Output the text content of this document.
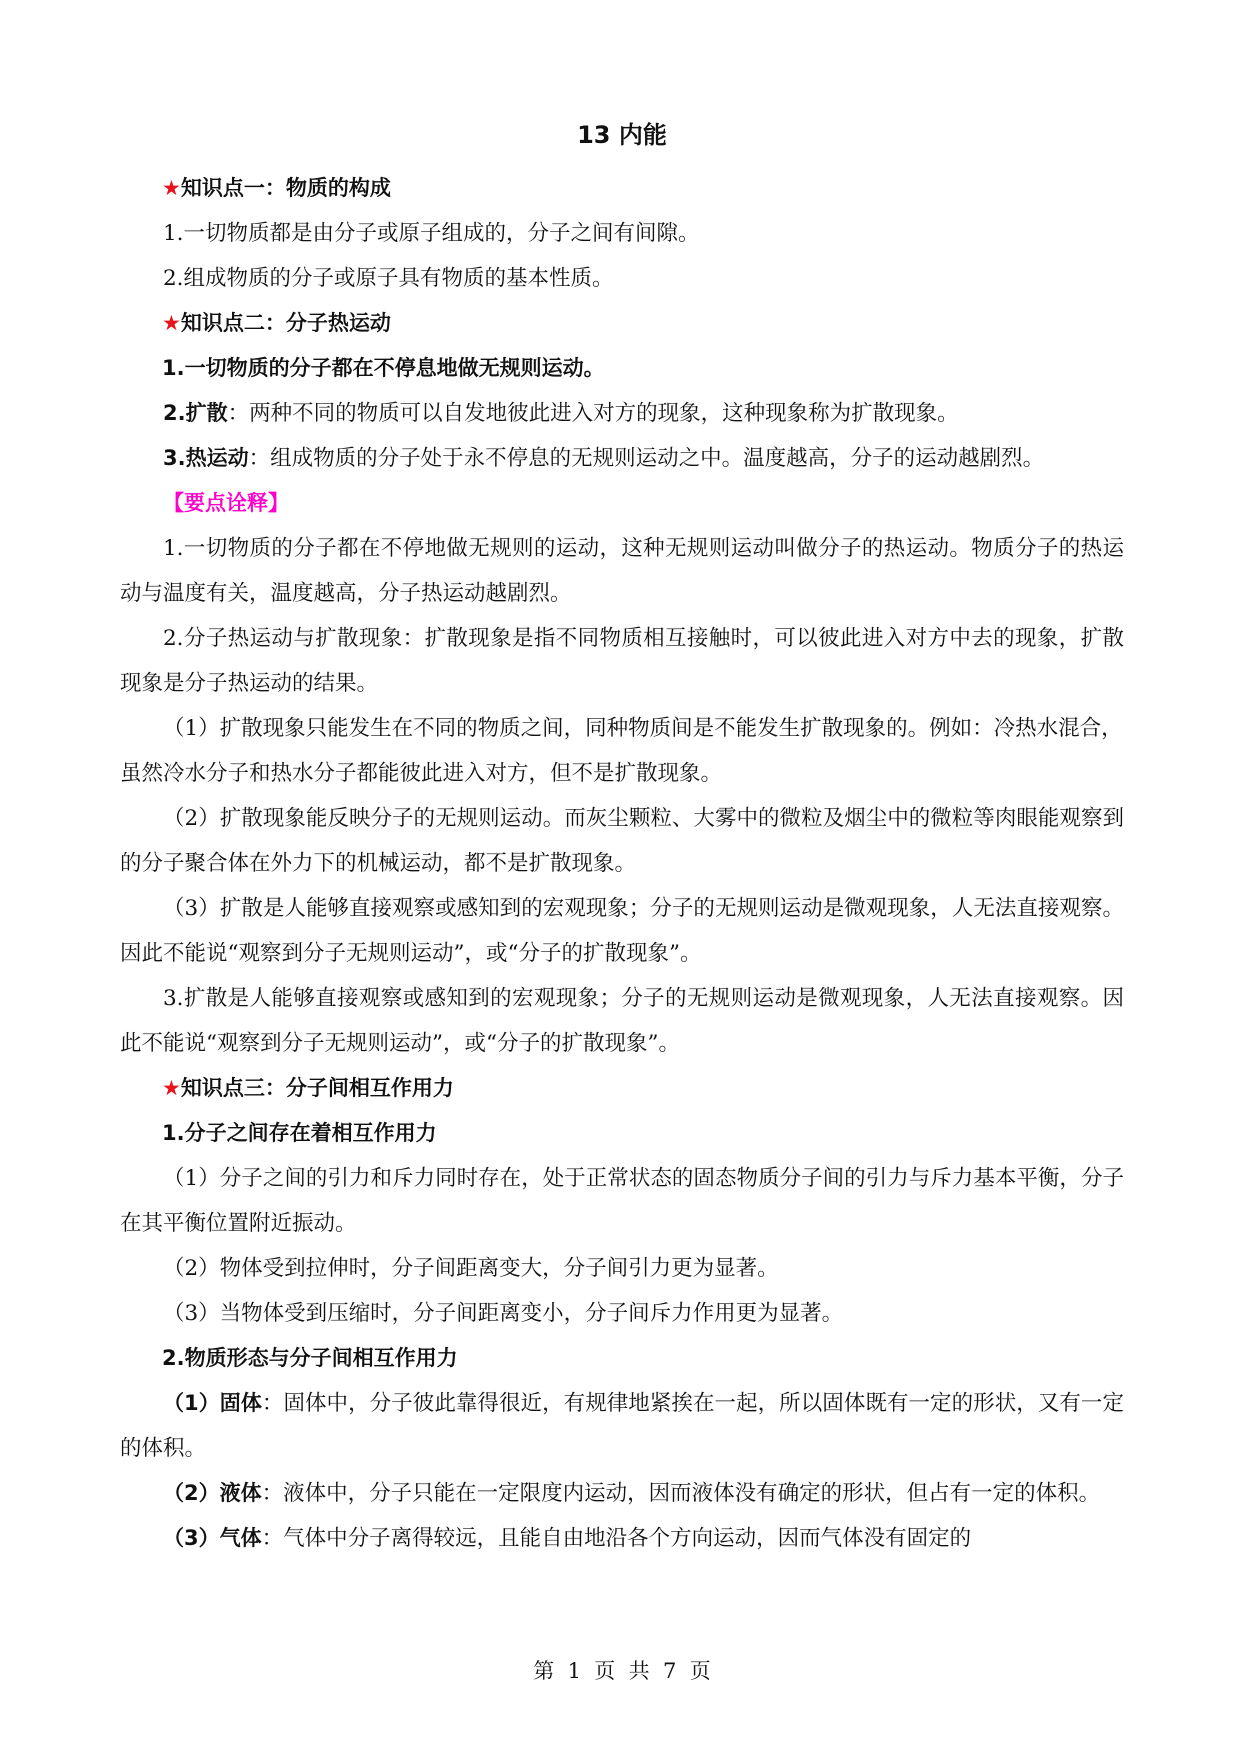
13 内能

★知识点一：物质的构成

1.一切物质都是由分子或原子组成的，分子之间有间隙。

2.组成物质的分子或原子具有物质的基本性质。

★知识点二：分子热运动

1.一切物质的分子都在不停息地做无规则运动。

2.扩散：两种不同的物质可以自发地彼此进入对方的现象，这种现象称为扩散现象。

3.热运动：组成物质的分子处于永不停息的无规则运动之中。温度越高，分子的运动越剧烈。

【要点诠释】

1.一切物质的分子都在不停地做无规则的运动，这种无规则运动叫做分子的热运动。物质分子的热运动与温度有关，温度越高，分子热运动越剧烈。

2.分子热运动与扩散现象：扩散现象是指不同物质相互接触时，可以彼此进入对方中去的现象，扩散现象是分子热运动的结果。

（1）扩散现象只能发生在不同的物质之间，同种物质间是不能发生扩散现象的。例如：冷热水混合，虽然冷水分子和热水分子都能彼此进入对方，但不是扩散现象。

（2）扩散现象能反映分子的无规则运动。而灰尘颗粒、大雾中的微粒及烟尘中的微粒等肉眼能观察到的分子聚合体在外力下的机械运动，都不是扩散现象。

（3）扩散是人能够直接观察或感知到的宏观现象；分子的无规则运动是微观现象，人无法直接观察。因此不能说“观察到分子无规则运动”，或“分子的扩散现象”。

3.扩散是人能够直接观察或感知到的宏观现象；分子的无规则运动是微观现象，人无法直接观察。因此不能说“观察到分子无规则运动”，或“分子的扩散现象”。

★知识点三：分子间相互作用力

1.分子之间存在着相互作用力

（1）分子之间的引力和斥力同时存在，处于正常状态的固态物质分子间的引力与斥力基本平衡，分子在其平衡位置附近振动。

（2）物体受到拉伸时，分子间距离变大，分子间引力更为显著。

（3）当物体受到压缩时，分子间距离变小，分子间斥力作用更为显著。

2.物质形态与分子间相互作用力

（1）固体：固体中，分子彼此靠得很近，有规律地紧挨在一起，所以固体既有一定的形状，又有一定的体积。

（2）液体：液体中，分子只能在一定限度内运动，因而液体没有确定的形状，但占有一定的体积。

（3）气体：气体中分子离得较远，且能自由地沿各个方向运动，因而气体没有固定的

第  1  页  共  7  页
